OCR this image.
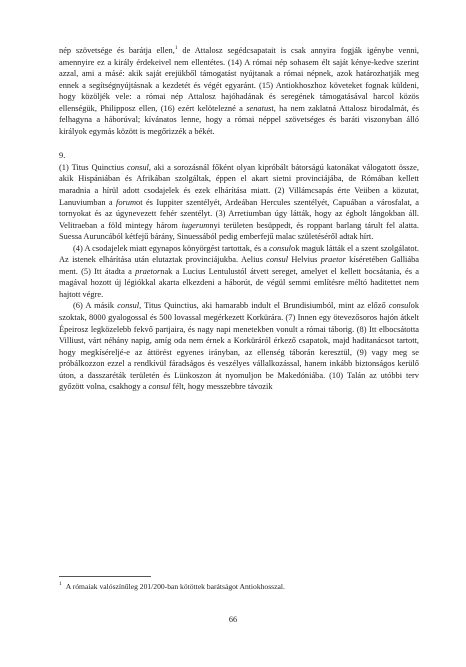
nép szövetsége és barátja ellen,$^1$ de Attalosz segédcsapatait is csak annyira fogják igénybe venni, amennyire ez a király érdekeivel nem ellentétes. (14) A római nép sohasem élt saját kénye-kedve szerint azzal, ami a másé: akik saját erejükből támogatást nyújtanak a római népnek, azok határozhatják meg ennek a segítségnyújtásnak a kezdetét és végét egyaránt. (15) Antiokhoszhoz követeket fognak küldeni, hogy közöljék vele: a római nép Attalosz hajóhadának és seregének támogatásával harcol közös ellenségük, Philipposz ellen, (16) ezért kelötelezné a senatust, ha nem zaklatná Attalosz birodalmát, és felhagyna a háborúval; kívánatos lenne, hogy a római néppel szövetséges és baráti viszonyban álló királyok egymás között is megőrizzék a békét.

9.

(1) Titus Quinctius consul, aki a sorozásnál főként olyan kipróbált bátorságú katonákat válogatott össze, akik Hispániában és Afrikában szolgáltak, éppen el akart sietni provinciájába, de Rómában kellett maradnia a hírül adott csodajelek és ezek elhárítása miatt. (2) Villámcsapás érte Veiiben a közutat, Lanuviumban a forumot és Iuppiter szentélyét, Ardeában Hercules szentélyét, Capuában a városfalat, a tornyokat és az úgynevezett fehér szentélyt. (3) Arretiumban úgy látták, hogy az égbolt lángokban áll. Velitraeban a föld mintegy három iugerumnyi területen besüppedt, és roppant barlang tárult fel alatta. Suessa Auruncából kétfejű bárány, Sinuessából pedig emberfejű malac születéséről adtak hírt.

(4) A csodajelek miatt egynapos könyörgést tartottak, és a consulok maguk látták el a szent szolgálatot. Az istenek elhárítása után elutaztak provinciájukba. Aelius consul Helvius praetor kíséretében Galliába ment. (5) Itt átadta a praetornak a Lucius Lentulustól átvett sereget, amelyet el kellett bocsátania, és a magával hozott új légiókkal akarta elkezdeni a háborút, de végül semmi említésre méltó haditettet nem hajtott végre.

(6) A másik consul, Titus Quinctius, aki hamarabb indult el Brundisiumból, mint az előző consulok szoktak, 8000 gyalogossal és 500 lovassal megérkezett Korkürára. (7) Innen egy ötevezősoros hajón átkelt Épeirosz legközelebb fekvő partjaira, és nagy napi menetekben vonult a római táborig. (8) Itt elbocsátotta Villiust, várt néhány napig, amíg oda nem érnek a Korküráról érkező csapatok, majd haditanácsot tartott, hogy megkíséreljé-e az áttörést egyenes irányban, az ellenség táborán keresztül, (9) vagy meg se próbálkozzon ezzel a rendkívül fáradságos és veszélyes vállalkozással, hanem inkább biztonságos kerülő úton, a dasszaréták területén és Lünkoszon át nyomuljon be Makedóniába. (10) Talán az utóbbi terv győzött volna, csakhogy a consul félt, hogy messzebbre távozik

$^1$ A rómaiak valószínűleg 201/200-ban kötöttek barátságot Antiokhosszal.
66
